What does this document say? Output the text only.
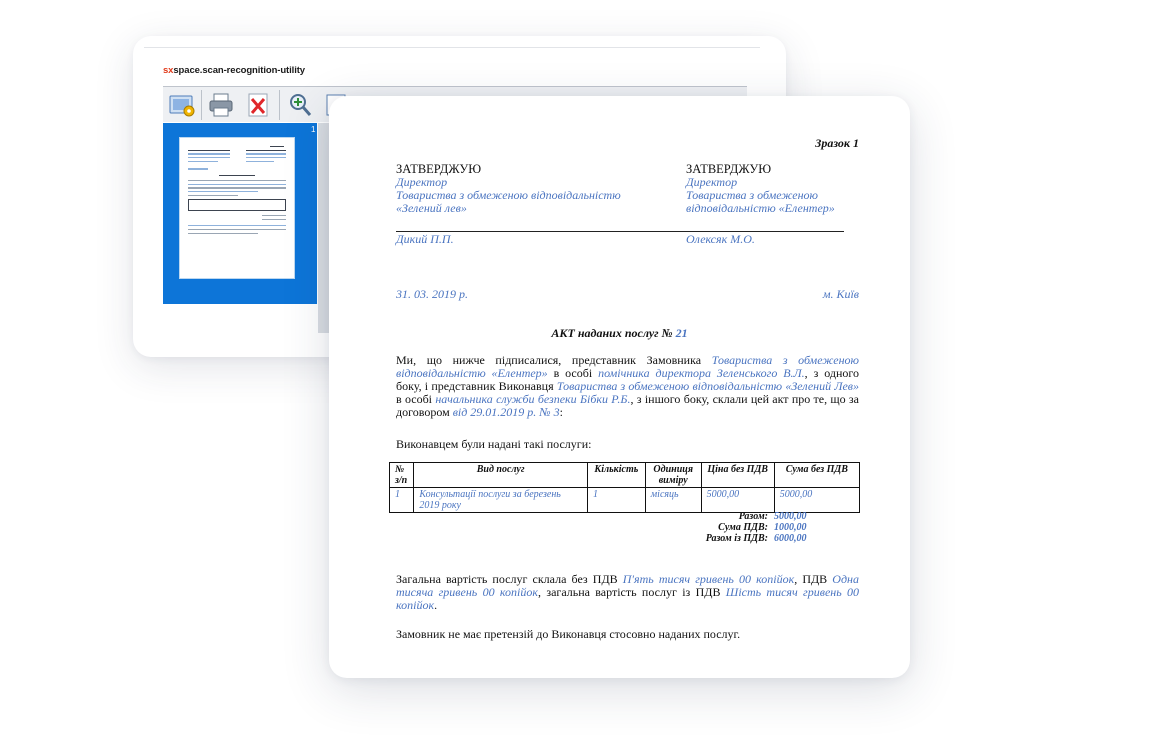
sxspace.scan-recognition-utility
1
Зразок 1
ЗАТВЕРДЖУЮ
Директор
Товариства з обмеженою відповідальністю
«Зелений лев»
ЗАТВЕРДЖУЮ
Директор
Товариства з обмеженою
відповідальністю «Елентер»
Дикий П.П.	Олексяк М.О.
31. 03. 2019 р.	м. Київ
АКТ наданих послуг № 21
Ми, що нижче підписалися, представник Замовника Товариства з обмеженою відповідальністю «Елентер» в особі помічника директора Зеленського В.Л., з одного боку, і представник Виконавця Товариства з обмеженою відповідальністю «Зелений Лев» в особі начальника служби безпеки Бібки Р.Б., з іншого боку, склали цей акт про те, що за договором від 29.01.2019 р. № 3:
Виконавцем були надані такі послуги:
№ з/п	Вид послуг	Кількість	Одиниця виміру	Ціна без ПДВ	Сума без ПДВ
1	Консультації послуги за березень 2019 року	1	місяць	5000,00	5000,00
Разом: 5000,00
Сума ПДВ: 1000,00
Разом із ПДВ: 6000,00
Загальна вартість послуг склала без ПДВ П'ять тисяч гривень 00 копійок, ПДВ Одна тисяча гривень 00 копійок, загальна вартість послуг із ПДВ Шість тисяч гривень 00 копійок.
Замовник не має претензій до Виконавця стосовно наданих послуг.
